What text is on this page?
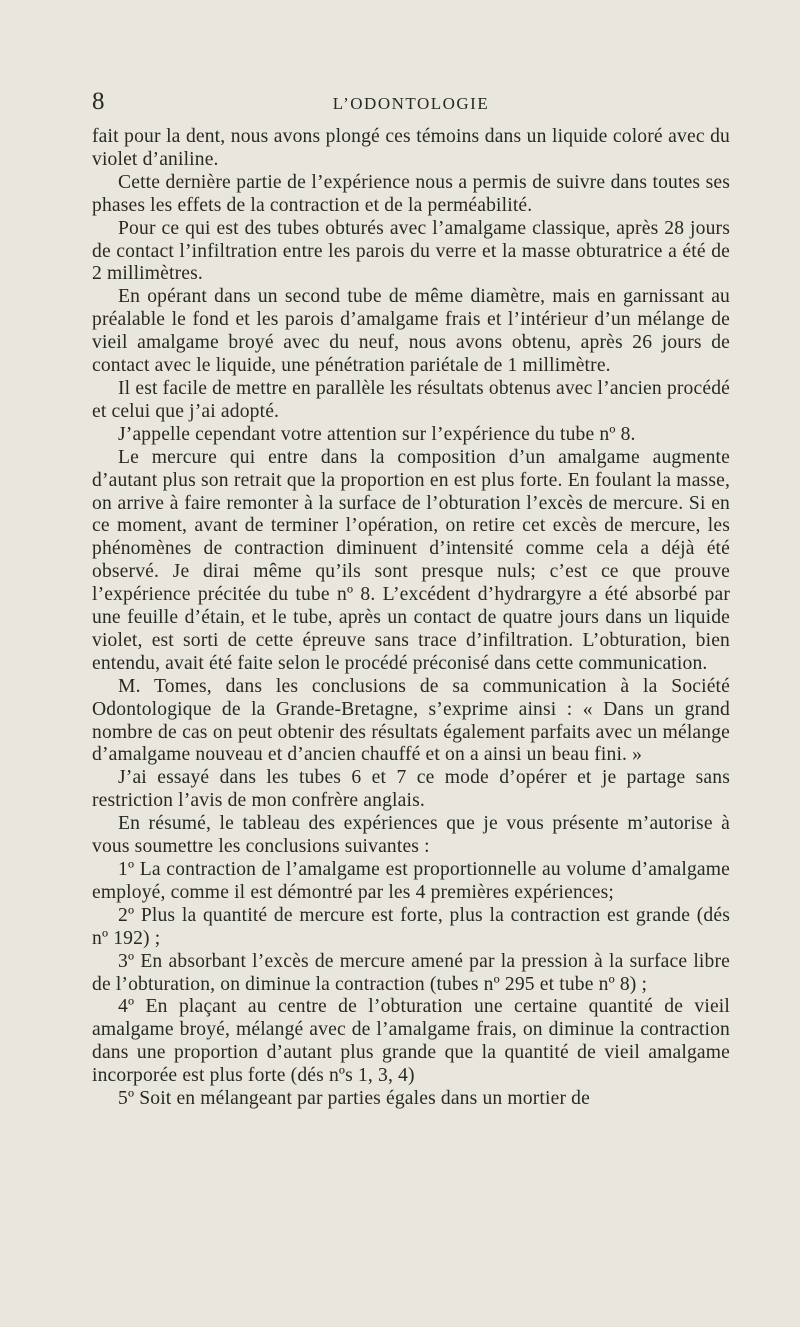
8	L’ODONTOLOGIE

fait pour la dent, nous avons plongé ces témoins dans un liquide coloré avec du violet d’aniline.

Cette dernière partie de l’expérience nous a permis de suivre dans toutes ses phases les effets de la contraction et de la perméabilité.

Pour ce qui est des tubes obturés avec l’amalgame classique, après 28 jours de contact l’infiltration entre les parois du verre et la masse obturatrice a été de 2 millimètres.

En opérant dans un second tube de même diamètre, mais en garnissant au préalable le fond et les parois d’amalgame frais et l’intérieur d’un mélange de vieil amalgame broyé avec du neuf, nous avons obtenu, après 26 jours de contact avec le liquide, une pénétration pariétale de 1 millimètre.

Il est facile de mettre en parallèle les résultats obtenus avec l’ancien procédé et celui que j’ai adopté.

J’appelle cependant votre attention sur l’expérience du tube nº 8.

Le mercure qui entre dans la composition d’un amalgame augmente d’autant plus son retrait que la proportion en est plus forte. En foulant la masse, on arrive à faire remonter à la surface de l’obturation l’excès de mercure. Si en ce moment, avant de terminer l’opération, on retire cet excès de mercure, les phénomènes de contraction diminuent d’intensité comme cela a déjà été observé. Je dirai même qu’ils sont presque nuls; c’est ce que prouve l’expérience précitée du tube nº 8. L’excédent d’hydrargyre a été absorbé par une feuille d’étain, et le tube, après un contact de quatre jours dans un liquide violet, est sorti de cette épreuve sans trace d’infiltration. L’obturation, bien entendu, avait été faite selon le procédé préconisé dans cette communication.

M. Tomes, dans les conclusions de sa communication à la Société Odontologique de la Grande-Bretagne, s’exprime ainsi : « Dans un grand nombre de cas on peut obtenir des résultats également parfaits avec un mélange d’amalgame nouveau et d’ancien chauffé et on a ainsi un beau fini. »

J’ai essayé dans les tubes 6 et 7 ce mode d’opérer et je partage sans restriction l’avis de mon confrère anglais.

En résumé, le tableau des expériences que je vous présente m’autorise à vous soumettre les conclusions suivantes :

1º La contraction de l’amalgame est proportionnelle au volume d’amalgame employé, comme il est démontré par les 4 premières expériences;

2º Plus la quantité de mercure est forte, plus la contraction est grande (dés nº 192) ;

3º En absorbant l’excès de mercure amené par la pression à la surface libre de l’obturation, on diminue la contraction (tubes nº 295 et tube nº 8) ;

4º En plaçant au centre de l’obturation une certaine quantité de vieil amalgame broyé, mélangé avec de l’amalgame frais, on diminue la contraction dans une proportion d’autant plus grande que la quantité de vieil amalgame incorporée est plus forte (dés nºs 1, 3, 4)

5º Soit en mélangeant par parties égales dans un mortier de
